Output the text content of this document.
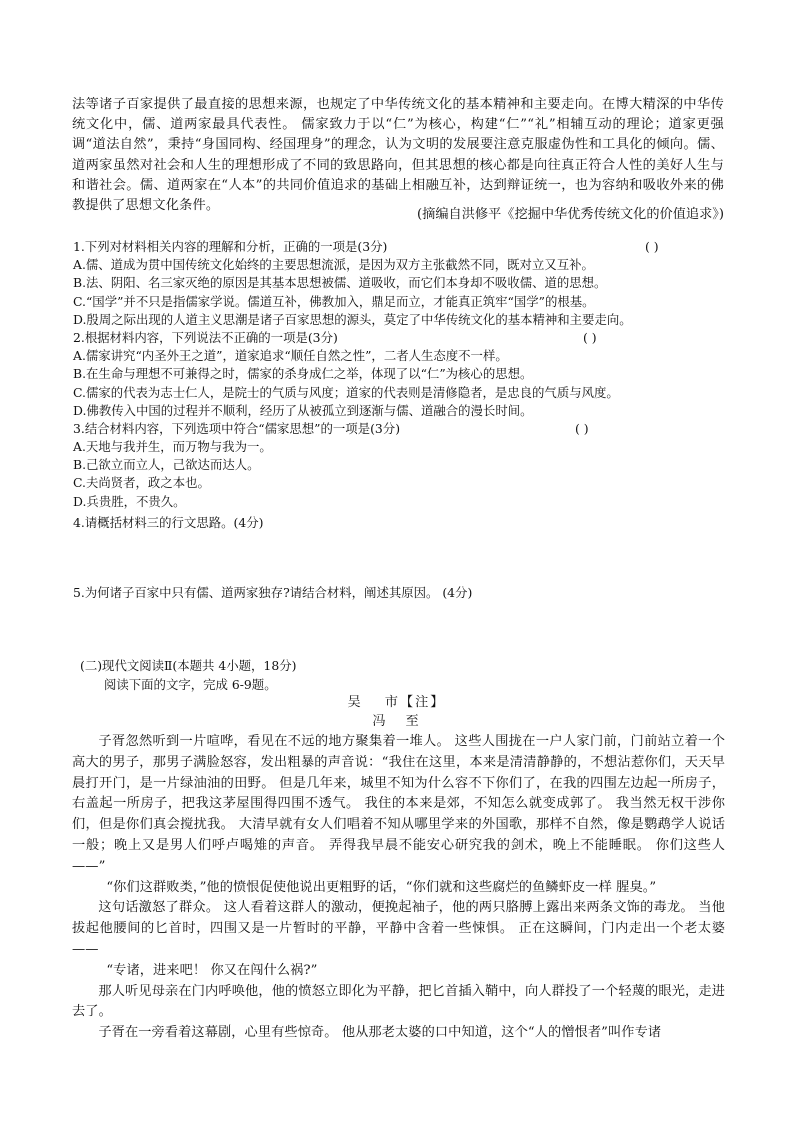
法等诸子百家提供了最直接的思想来源，也规定了中华传统文化的基本精神和主要走向。在博大精深的中华传统文化中，儒、道两家最具代表性。 儒家致力于以“仁”为核心，构建“仁”“礼”相辅互动的理论；道家更强调“道法自然”，秉持“身国同构、经国理身”的理念，认为文明的发展要注意克服虚伪性和工具化的倾向。儒、道两家虽然对社会和人生的理想形成了不同的致思路向，但其思想的核心都是向往真正符合人性的美好人生与和谐社会。儒、道两家在“人本”的共同价值追求的基础上相融互补，达到辩证统一，也为容纳和吸收外来的佛教提供了思想文化条件。

(摘编自洪修平《挖掘中华优秀传统文化的价值追求》)
1.下列对材料相关内容的理解和分析，正确的一项是(3分)	( )
A.儒、道成为贯中国传统文化始终的主要思想流派，是因为双方主张截然不同，既对立又互补。
B.法、阴阳、名三家灭绝的原因是其基本思想被儒、道吸收，而它们本身却不吸收儒、道的思想。
C.“国学”并不只是指儒家学说。儒道互补，佛教加入，鼎足而立，才能真正筑牢“国学”的根基。
D.殷周之际出现的人道主义思潮是诸子百家思想的源头，莫定了中华传统文化的基本精神和主要走向。
2.根据材料内容，下列说法不正确的一项是(3分)	( )
A.儒家讲究“内圣外王之道”，道家追求“顺任自然之性”，二者人生态度不一样。
B.在生命与理想不可兼得之时，儒家的杀身成仁之举，体现了以“仁”为核心的思想。
C.儒家的代表为志士仁人，是院士的气质与风度；道家的代表则是清修隐者，是忠良的气质与风度。
D.佛教传入中国的过程并不顺利，经历了从被孤立到逐渐与儒、道融合的漫长时间。
3.结合材料内容，下列选项中符合“儒家思想”的一项是(3分)	( )
A.天地与我并生，而万物与我为一。
B.己欲立而立人，己欲达而达人。
C.夫尚贤者，政之本也。
D.兵贵胜，不贵久。
4.请概括材料三的行文思路。(4分)
5.为何诸子百家中只有儒、道两家独存?请结合材料，阐述其原因。 (4分)
(二)现代文阅读Ⅱ(本题共 4小题，18分)
阅读下面的文字，完成 6-9题。
吴 市【注】
冯 至

子胥忽然听到一片喧哗，看见在不远的地方聚集着一堆人。 这些人围拢在一户人家门前，门前站立着一个高大的男子，那男子满脸怒容，发出粗暴的声音说：“我住在这里，本来是清清静静的，不想沾惹你们，天天早晨打开门，是一片绿油油的田野。 但是几年来，城里不知为什么容不下你们了，在我的四围左边起一所房子，右盖起一所房子，把我这茅屋围得四围不透气。 我住的本来是郊，不知怎么就变成郭了。 我当然无权干涉你们，但是你们真会搅扰我。 大清早就有女人们唱着不知从哪里学来的外国歌，那样不自然，像是鹦鹉学人说话一般；晚上又是男人们呼卢喝雉的声音。 弄得我早晨不能安心研究我的剑术，晚上不能睡眠。 你们这些人——”

“你们这群败类，”他的愤恨促使他说出更粗野的话，“你们就和这些腐烂的鱼鳞虾皮一样 腥臭。”

这句话激怒了群众。 这人看着这群人的激动，便挽起袖子，他的两只胳膊上露出来两条文饰的毒龙。 当他拔起他腰间的匕首时，四围又是一片暂时的平静，平静中含着一些悚惧。 正在这瞬间，门内走出一个老太婆——

“专诸，进来吧！ 你又在闯什么祸?”

那人听见母亲在门内呼唤他，他的愤怒立即化为平静，把匕首插入鞘中，向人群投了一个轻蔑的眼光，走进去了。

子胥在一旁看着这幕剧，心里有些惊奇。 他从那老太婆的口中知道，这个“人的憎恨者”叫作专诸
